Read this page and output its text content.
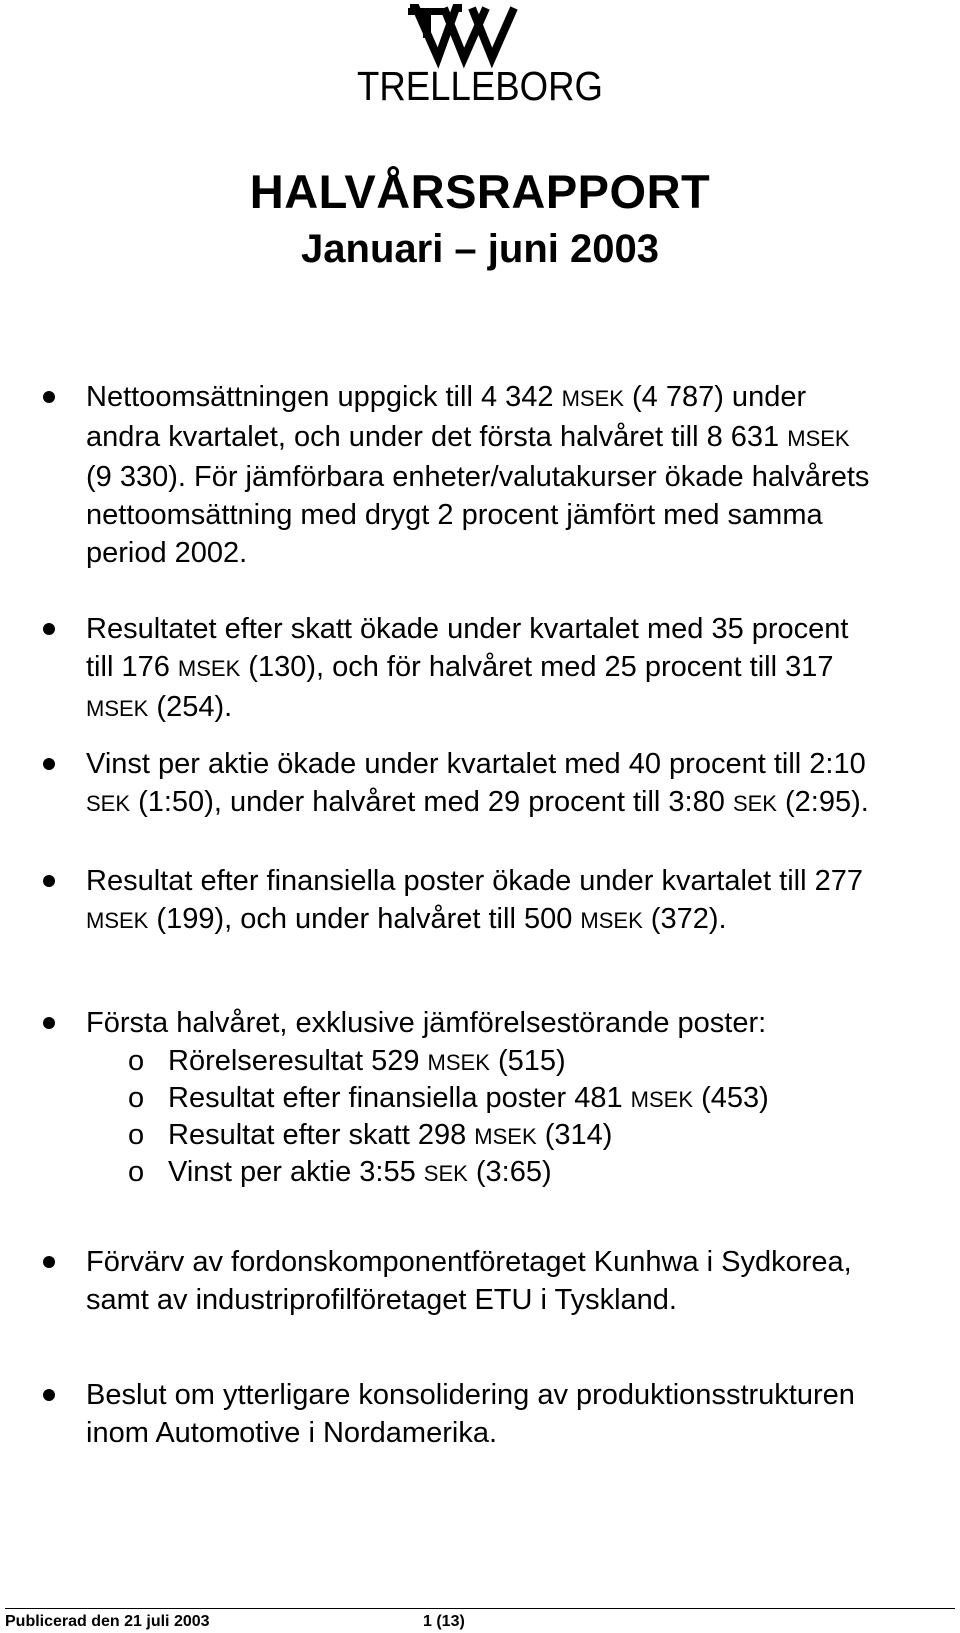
TRELLEBORG
HALVÅRSRAPPORT
Januari – juni 2003
Nettoomsättningen uppgick till 4 342 MSEK (4 787) under
andra kvartalet, och under det första halvåret till 8 631 MSEK
(9 330). För jämförbara enheter/valutakurser ökade halvårets
nettoomsättning med drygt 2 procent jämfört med samma
period 2002.
Resultatet efter skatt ökade under kvartalet med 35 procent
till 176 MSEK (130), och för halvåret med 25 procent till 317
MSEK (254).
Vinst per aktie ökade under kvartalet med 40 procent till 2:10
SEK (1:50), under halvåret med 29 procent till 3:80 SEK (2:95).
Resultat efter finansiella poster ökade under kvartalet till 277
MSEK (199), och under halvåret till 500 MSEK (372).
Första halvåret, exklusive jämförelsestörande poster:
o Rörelseresultat 529 MSEK (515)
o Resultat efter finansiella poster 481 MSEK (453)
o Resultat efter skatt 298 MSEK (314)
o Vinst per aktie 3:55 SEK (3:65)
Förvärv av fordonskomponentföretaget Kunhwa i Sydkorea,
samt av industriprofilföretaget ETU i Tyskland.
Beslut om ytterligare konsolidering av produktionsstrukturen
inom Automotive i Nordamerika.
Publicerad den 21 juli 2003	1 (13)
